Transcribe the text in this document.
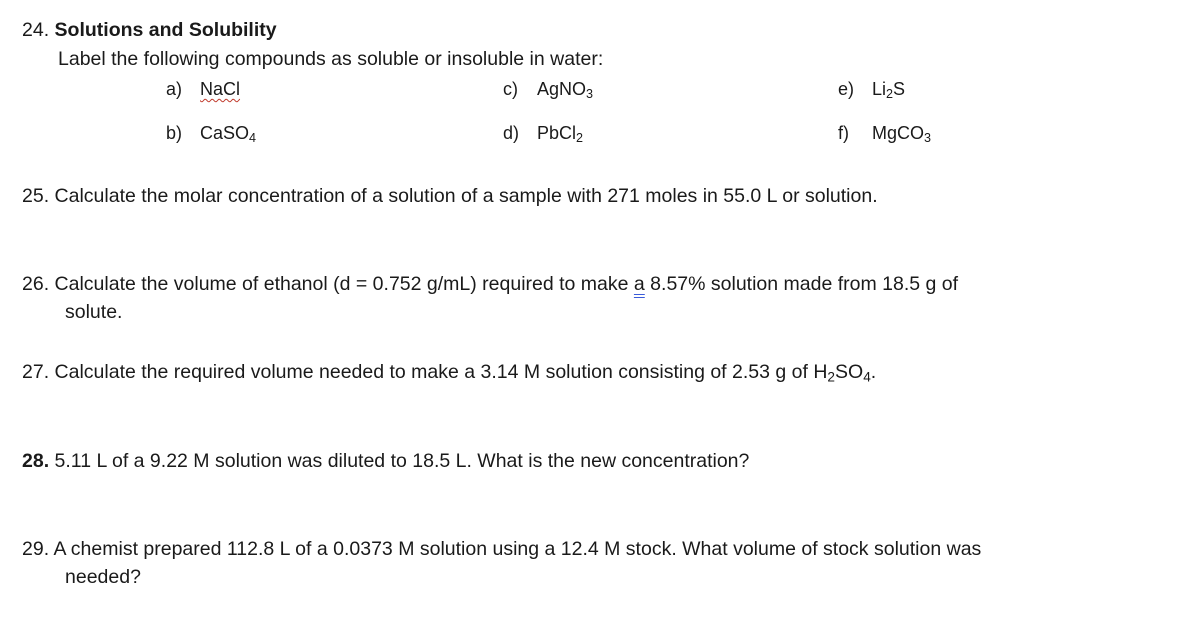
24. Solutions and Solubility
Label the following compounds as soluble or insoluble in water:
a) NaCl
b) CaSO$_4$
c) AgNO$_3$
d) PbCl$_2$
e) $Li_2S$
f) MgCO$_3$
25. Calculate the molar concentration of a solution of a sample with 271 moles in 55.0 L or solution.
26. Calculate the volume of ethanol (d = 0.752 g/mL) required to make a 8.57% solution made from 18.5 g of
solute.
27. Calculate the required volume needed to make a 3.14 M solution consisting of 2.53 g of $H_2SO_4$.
28. 5.11 L of a 9.22 M solution was diluted to 18.5 L. What is the new concentration?
29. A chemist prepared 112.8 L of a 0.0373 M solution using a 12.4 M stock. What volume of stock solution was
needed?
